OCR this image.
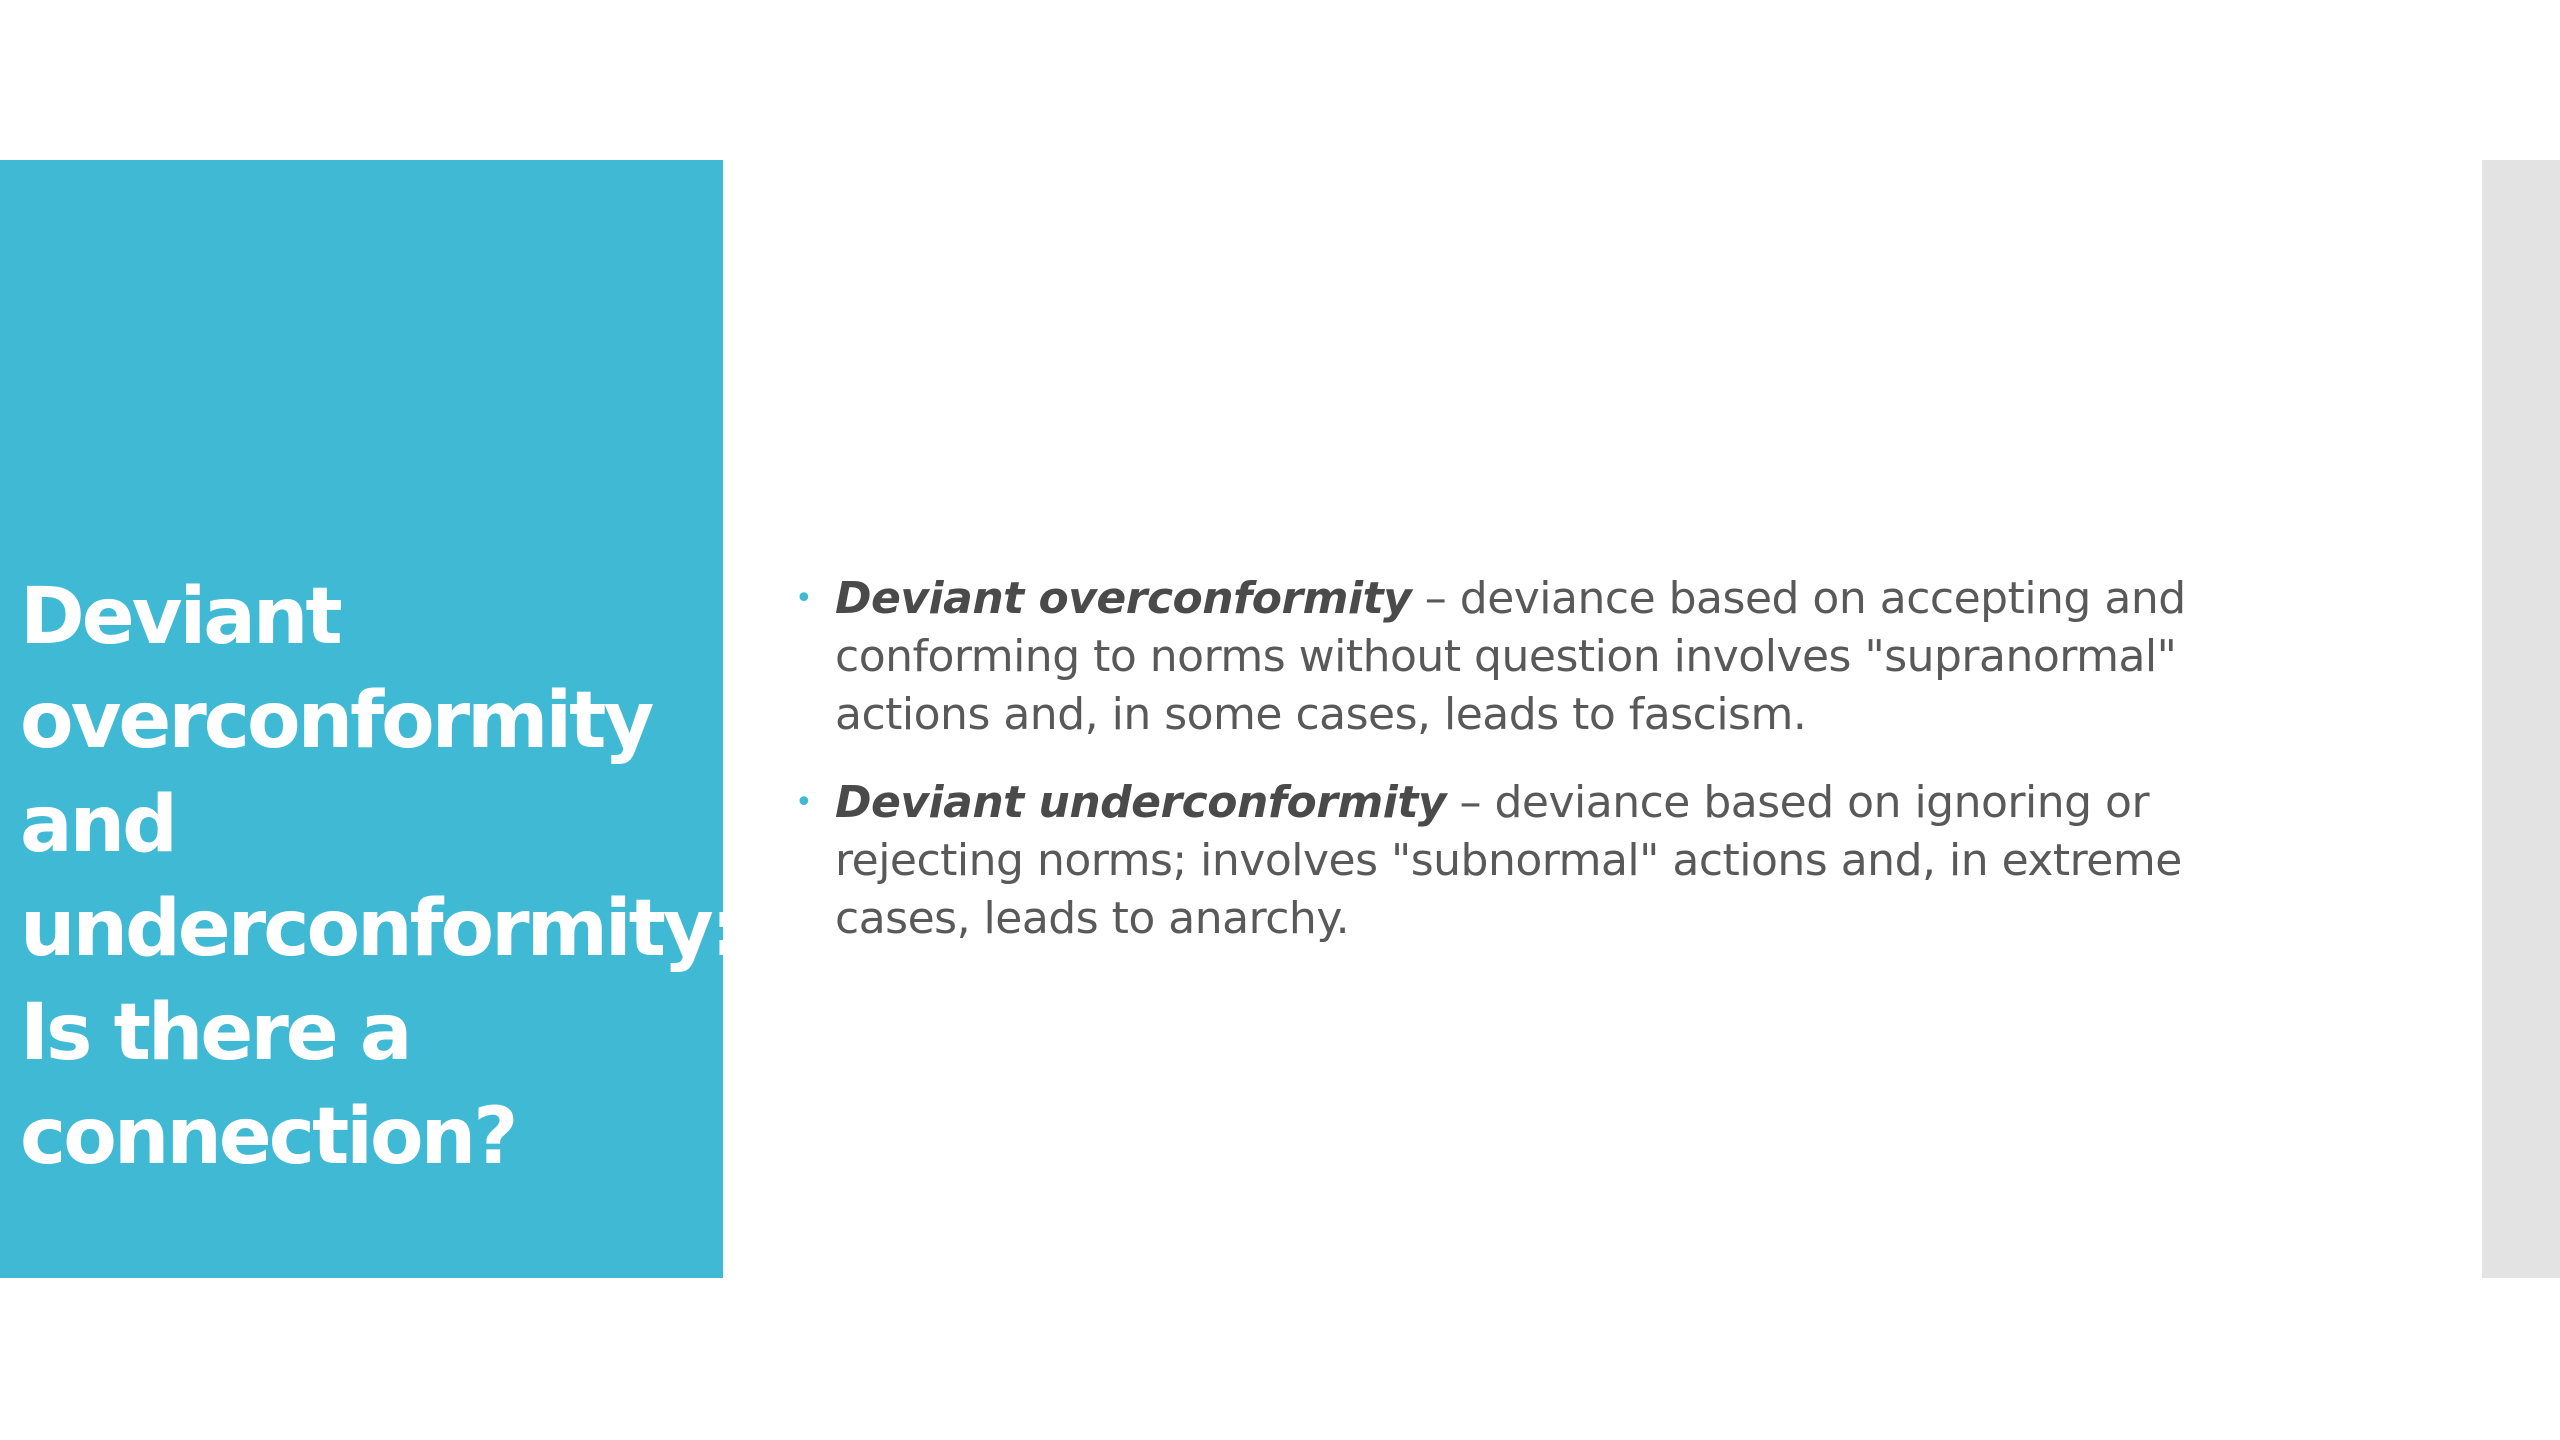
Deviant
overconformity
and
underconformity:
Is there a
connection?
• Deviant overconformity – deviance based on accepting and conforming to norms without question involves "supranormal" actions and, in some cases, leads to fascism.
• Deviant underconformity – deviance based on ignoring or rejecting norms; involves "subnormal" actions and, in extreme cases, leads to anarchy.
